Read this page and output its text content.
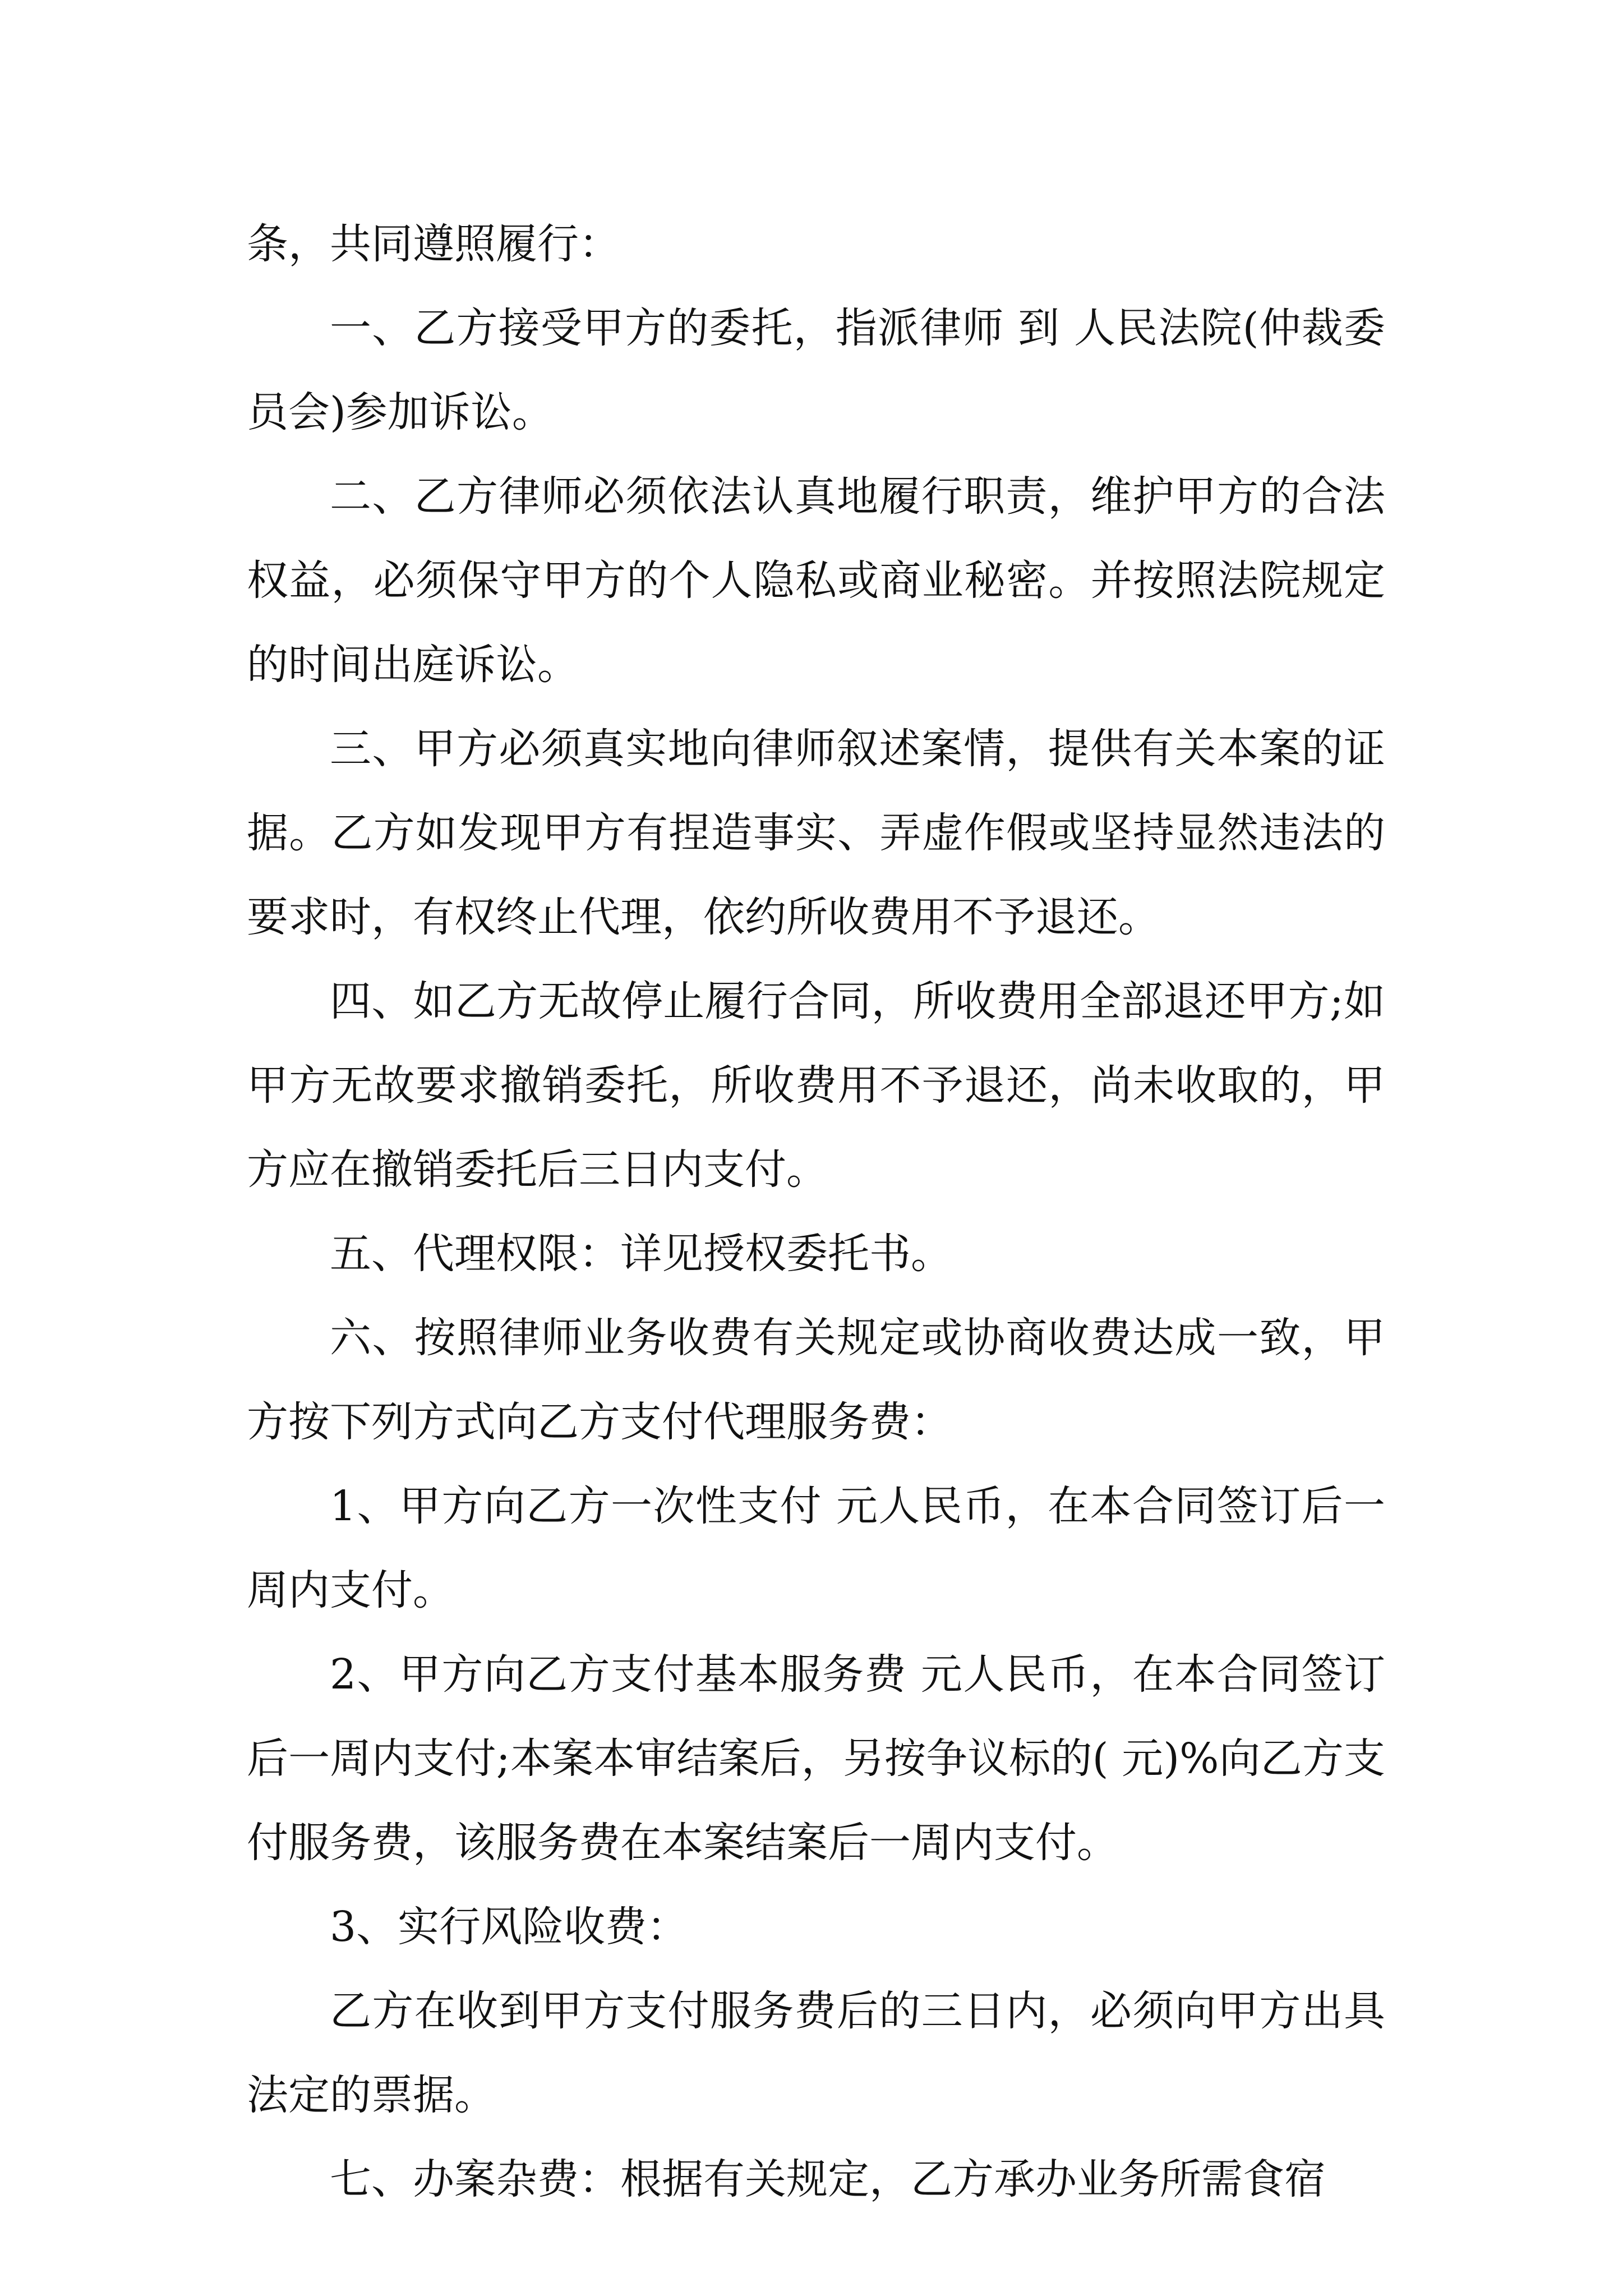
条，共同遵照履行：

一、乙方接受甲方的委托，指派律师 到 人民法院(仲裁委员会)参加诉讼。

二、乙方律师必须依法认真地履行职责，维护甲方的合法权益，必须保守甲方的个人隐私或商业秘密。并按照法院规定的时间出庭诉讼。

三、甲方必须真实地向律师叙述案情，提供有关本案的证据。乙方如发现甲方有捏造事实、弄虚作假或坚持显然违法的要求时，有权终止代理，依约所收费用不予退还。

四、如乙方无故停止履行合同，所收费用全部退还甲方;如甲方无故要求撤销委托，所收费用不予退还，尚未收取的，甲方应在撤销委托后三日内支付。

五、代理权限：详见授权委托书。

六、按照律师业务收费有关规定或协商收费达成一致，甲方按下列方式向乙方支付代理服务费：

1、甲方向乙方一次性支付 元人民币，在本合同签订后一周内支付。

2、甲方向乙方支付基本服务费 元人民币，在本合同签订后一周内支付;本案本审结案后，另按争议标的( 元)%向乙方支付服务费，该服务费在本案结案后一周内支付。

3、实行风险收费：

乙方在收到甲方支付服务费后的三日内，必须向甲方出具法定的票据。

七、办案杂费：根据有关规定，乙方承办业务所需食宿
